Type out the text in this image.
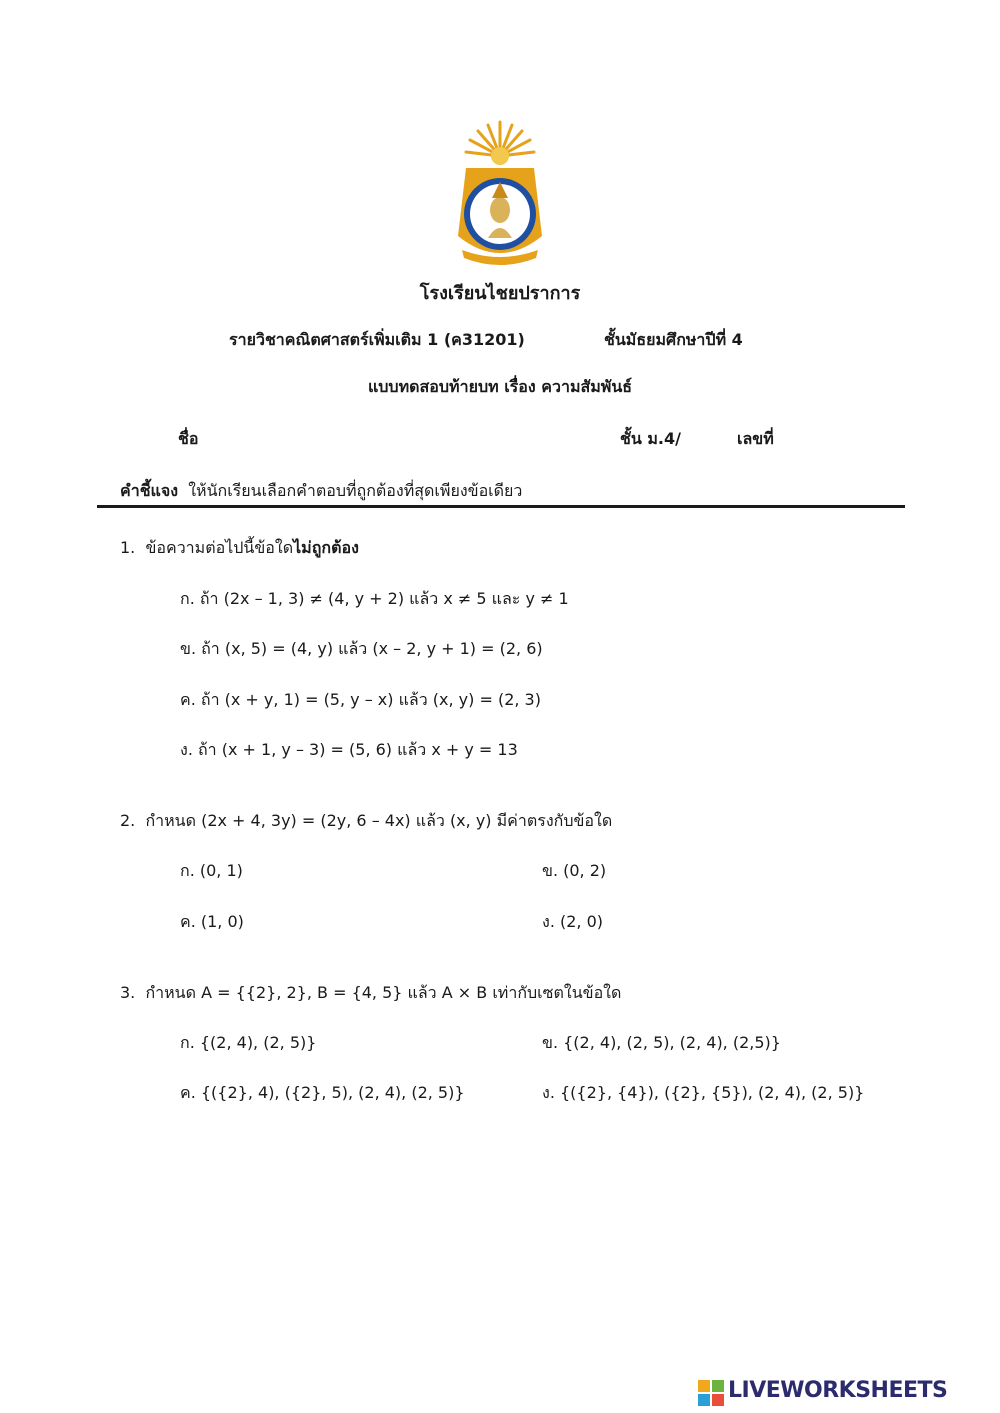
โรงเรียนไชยปราการ
รายวิชาคณิตศาสตร์เพิ่มเติม 1 (ค31201)	ชั้นมัธยมศึกษาปีที่ 4
แบบทดสอบท้ายบท เรื่อง ความสัมพันธ์
ชื่อ	ชั้น ม.4/	เลขที่
คำชี้แจง ให้นักเรียนเลือกคำตอบที่ถูกต้องที่สุดเพียงข้อเดียว
1. ข้อความต่อไปนี้ข้อใดไม่ถูกต้อง
ก. ถ้า (2x – 1, 3) ≠ (4, y + 2) แล้ว x ≠ 5 และ y ≠ 1
ข. ถ้า (x, 5) = (4, y) แล้ว (x – 2, y + 1) = (2, 6)
ค. ถ้า (x + y, 1) = (5, y – x) แล้ว (x, y) = (2, 3)
ง. ถ้า (x + 1, y – 3) = (5, 6) แล้ว x + y = 13
2. กำหนด (2x + 4, 3y) = (2y, 6 – 4x) แล้ว (x, y) มีค่าตรงกับข้อใด
ก. (0, 1)	ข. (0, 2)
ค. (1, 0)	ง. (2, 0)
3. กำหนด A = {{2}, 2}, B = {4, 5} แล้ว A × B เท่ากับเซตในข้อใด
ก. {(2, 4), (2, 5)}	ข. {(2, 4), (2, 5), (2, 4), (2,5)}
ค. {({2}, 4), ({2}, 5), (2, 4), (2, 5)}	ง. {({2}, {4}), ({2}, {5}), (2, 4), (2, 5)}
LIVEWORKSHEETS
